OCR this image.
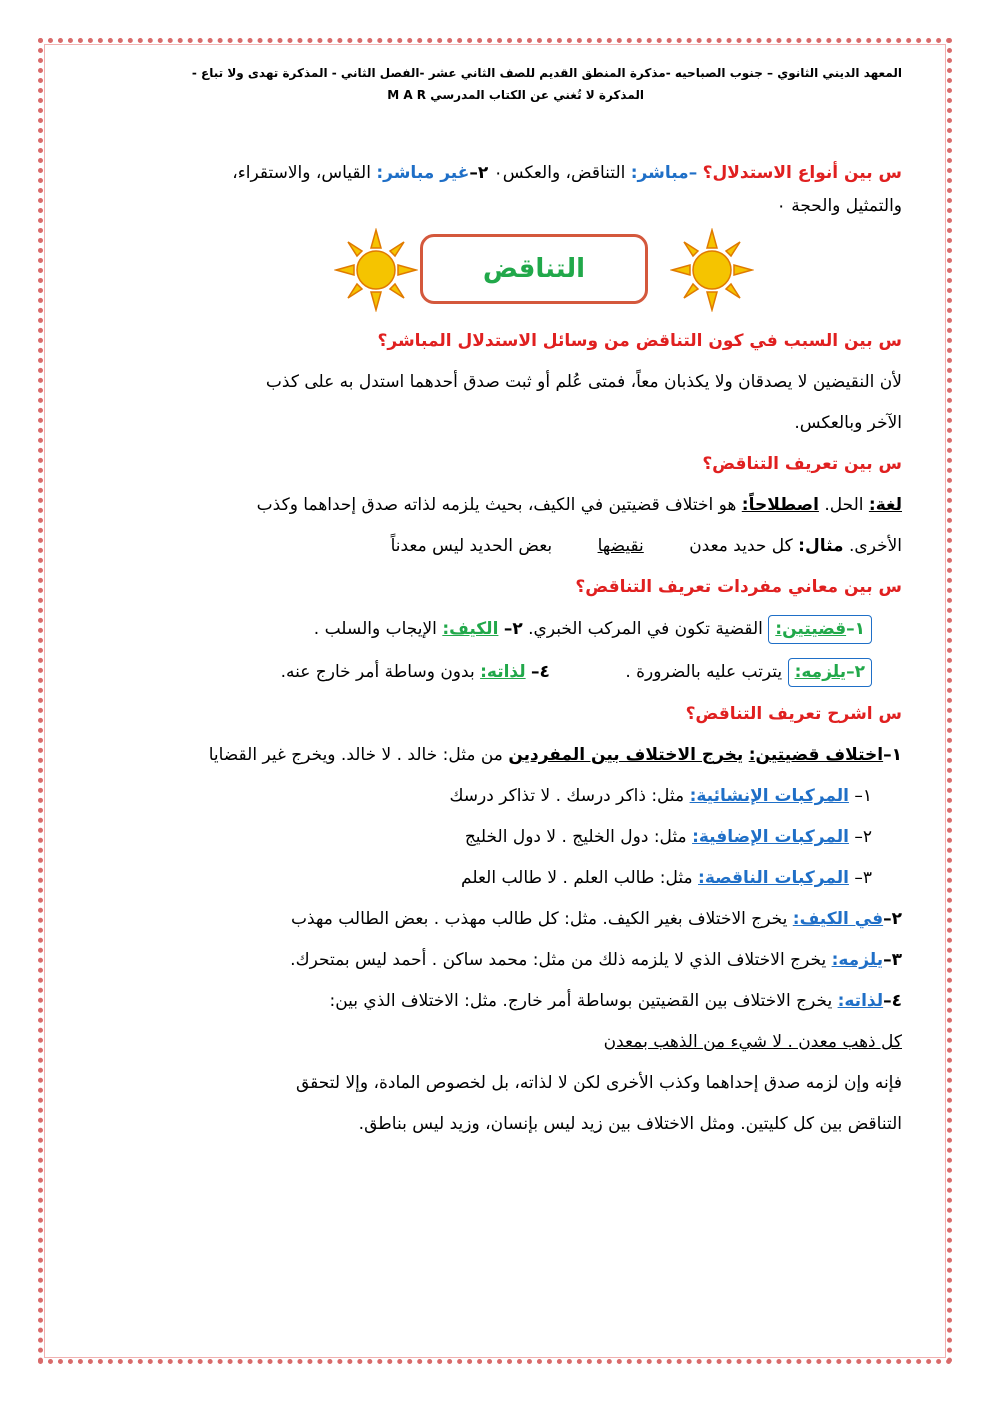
المعهد الديني الثانوي – جنوب الصباحيه -مذكرة المنطق القديم للصف الثاني عشر -الفصل الثاني - المذكرة تهدى ولا تباع -
المذكرة لا تُغني عن الكتاب المدرسي M A R

س بين أنواع الاستدلال؟ –مباشر: التناقض، والعكس٠ ٢–غير مباشر: القياس، والاستقراء،

والتمثيل والحجة ٠

التناقض

س بين السبب في كون التناقض من وسائل الاستدلال المباشر؟

لأن النقيضين لا يصدقان ولا يكذبان معاً، فمتى عُلم أو ثبت صدق أحدهما استدل به على كذب

الآخر وبالعكس.

س بين تعريف التناقض؟

لغة: الحل. اصطلاحاً: هو اختلاف قضيتين في الكيف، بحيث يلزمه لذاته صدق إحداهما وكذب

الأخرى. مثال: كل حديد معدن نقيضها بعض الحديد ليس معدناً

س بين معاني مفردات تعريف التناقض؟

١–قضيتين: القضية تكون في المركب الخبري. ٢– الكيف: الإيجاب والسلب .

٢–يلزمه: يترتب عليه بالضرورة . ٤– لذاته: بدون وساطة أمر خارج عنه.

س اشرح تعريف التناقض؟

١–اختلاف قضيتين: يخرج الاختلاف بين المفردين من مثل: خالد . لا خالد. ويخرج غير القضايا

١– المركبات الإنشائية: مثل: ذاكر درسك . لا تذاكر درسك

٢– المركبات الإضافية: مثل: دول الخليج . لا دول الخليج

٣– المركبات الناقصة: مثل: طالب العلم . لا طالب العلم

٢–في الكيف: يخرج الاختلاف بغير الكيف. مثل: كل طالب مهذب . بعض الطالب مهذب

٣–يلزمه: يخرج الاختلاف الذي لا يلزمه ذلك من مثل: محمد ساكن . أحمد ليس بمتحرك.

٤–لذاته: يخرج الاختلاف بين القضيتين بوساطة أمر خارج. مثل: الاختلاف الذي بين:

كل ذهب معدن . لا شيء من الذهب بمعدن

فإنه وإن لزمه صدق إحداهما وكذب الأخرى لكن لا لذاته، بل لخصوص المادة، وإلا لتحقق

التناقض بين كل كليتين. ومثل الاختلاف بين زيد ليس بإنسان، وزيد ليس بناطق.
